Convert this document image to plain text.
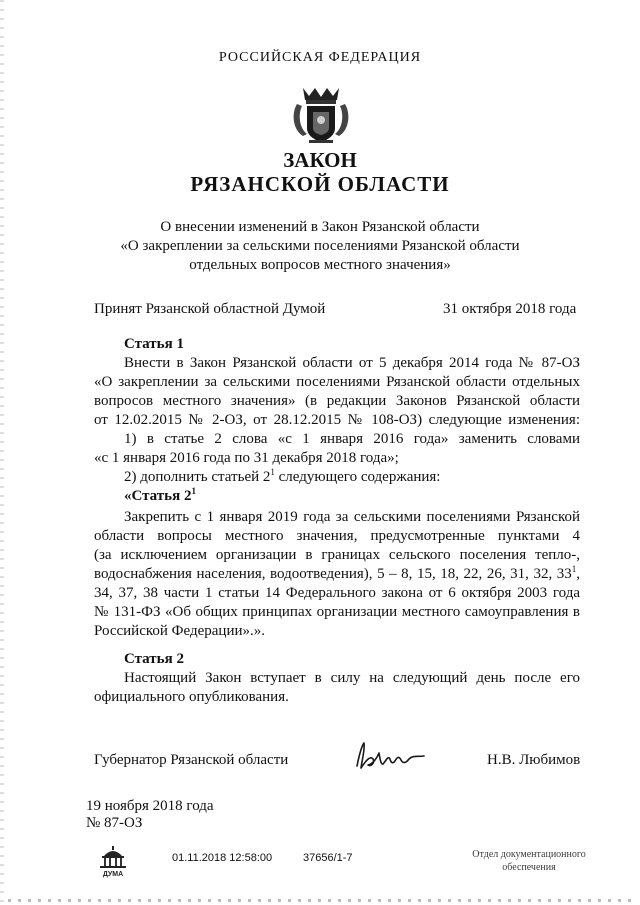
РОССИЙСКАЯ ФЕДЕРАЦИЯ
ЗАКОН
РЯЗАНСКОЙ ОБЛАСТИ
О внесении изменений в Закон Рязанской области
«О закреплении за сельскими поселениями Рязанской области
отдельных вопросов местного значения»
Принят Рязанской областной Думой	31 октября 2018 года
Статья 1
Внести в Закон Рязанской области от 5 декабря 2014 года № 87-ОЗ
«О закреплении за сельскими поселениями Рязанской области отдельных
вопросов местного значения» (в редакции Законов Рязанской области
от 12.02.2015 № 2-ОЗ, от 28.12.2015 № 108-ОЗ) следующие изменения:
1) в статье 2 слова «с 1 января 2016 года» заменить словами
«с 1 января 2016 года по 31 декабря 2018 года»;
2) дополнить статьей $2^1$ следующего содержания:
«Статья $2^1$
Закрепить с 1 января 2019 года за сельскими поселениями Рязанской
области вопросы местного значения, предусмотренные пунктами 4
(за исключением организации в границах сельского поселения тепло-,
водоснабжения населения, водоотведения), 5 – 8, 15, 18, 22, 26, 31, 32, $33^1$,
34, 37, 38 части 1 статьи 14 Федерального закона от 6 октября 2003 года
№ 131-ФЗ «Об общих принципах организации местного самоуправления в
Российской Федерации».».
Статья 2
Настоящий Закон вступает в силу на следующий день после его
официального опубликования.
Губернатор Рязанской области	Н.В. Любимов
19 ноября 2018 года
№ 87-ОЗ
ДУМА
01.11.2018 12:58:00	37656/1-7	Отдел документационного
обеспечения
